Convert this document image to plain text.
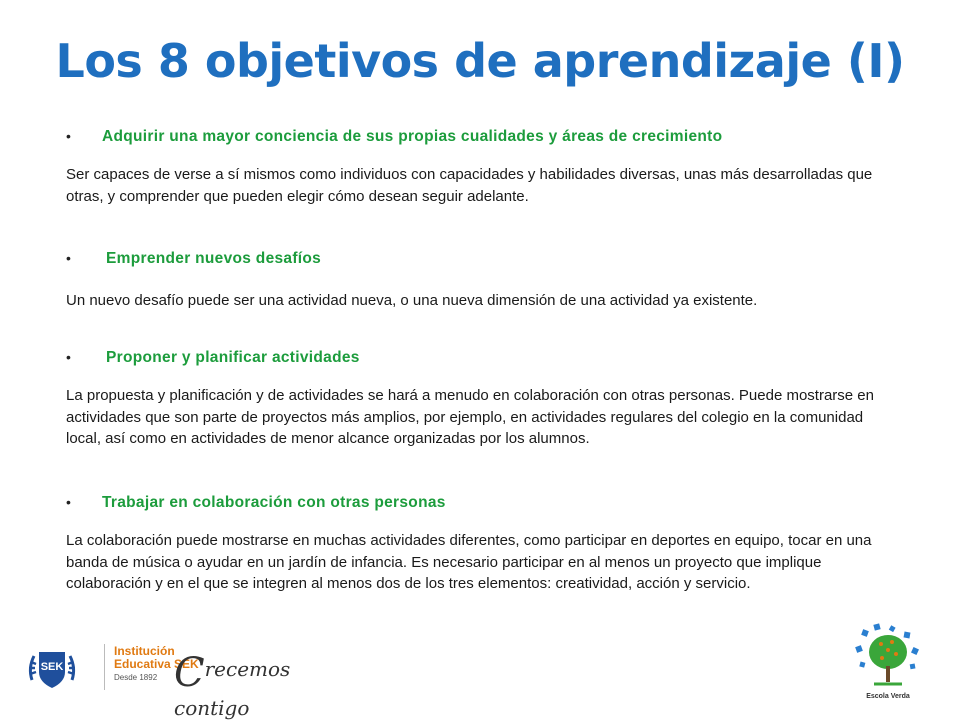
Los 8 objetivos de aprendizaje (I)
•	Adquirir una mayor conciencia de sus propias cualidades y áreas de crecimiento
Ser capaces de verse a sí mismos como individuos con capacidades y habilidades diversas, unas más desarrolladas que otras, y comprender que pueden elegir cómo desean seguir adelante.
•	Emprender nuevos desafíos
Un nuevo desafío puede ser una actividad nueva, o una nueva dimensión de una actividad ya existente.
•	Proponer y planificar actividades
La propuesta y planificación y de actividades se hará a menudo en colaboración con otras personas. Puede mostrarse en actividades que son parte de proyectos más amplios, por ejemplo, en actividades regulares del colegio en la comunidad local, así como en actividades de menor alcance organizadas por los alumnos.
•	Trabajar en colaboración con otras personas
La colaboración puede mostrarse en muchas actividades diferentes, como participar en deportes en equipo, tocar en una banda de música o ayudar en un jardín de infancia. Es necesario participar en al menos un proyecto que implique colaboración y en el que se integren al menos dos de los tres elementos: creatividad, acción y servicio.
SEK
Institución
Educativa SEK
Desde 1892 Crecemos contigo	Escola Verda
